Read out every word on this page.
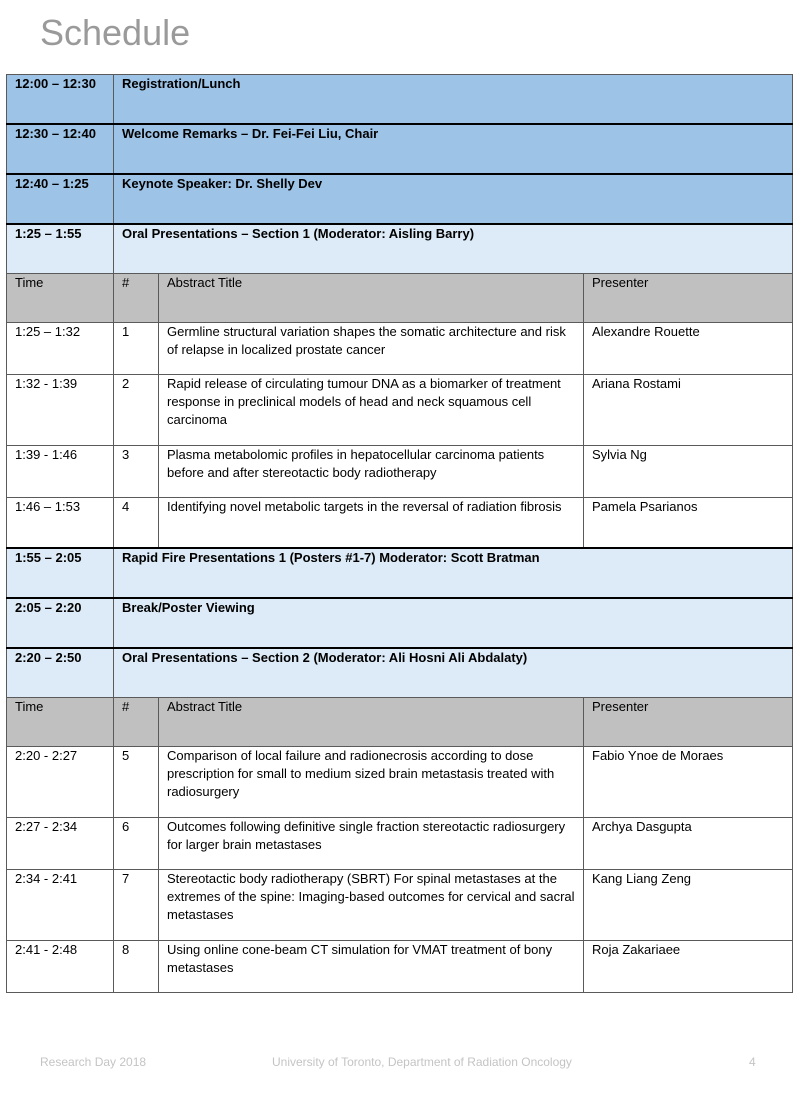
Schedule
12:00 – 12:30	Registration/Lunch		
12:30 – 12:40	Welcome Remarks – Dr. Fei-Fei Liu, Chair		
12:40 – 1:25	Keynote Speaker: Dr. Shelly Dev		
1:25 – 1:55	Oral Presentations – Section 1 (Moderator: Aisling Barry)		
Time	#	Abstract Title	Presenter
1:25 – 1:32	1	Germline structural variation shapes the somatic architecture and risk of relapse in localized prostate cancer	Alexandre Rouette
1:32 - 1:39	2	Rapid release of circulating tumour DNA as a biomarker of treatment response in preclinical models of head and neck squamous cell carcinoma	Ariana Rostami
1:39 - 1:46	3	Plasma metabolomic profiles in hepatocellular carcinoma patients before and after stereotactic body radiotherapy	Sylvia Ng
1:46 – 1:53	4	Identifying novel metabolic targets in the reversal of radiation fibrosis	Pamela Psarianos
1:55 – 2:05	Rapid Fire Presentations 1 (Posters #1-7) Moderator: Scott Bratman		
2:05 – 2:20	Break/Poster Viewing		
2:20 – 2:50	Oral Presentations – Section 2 (Moderator: Ali Hosni Ali Abdalaty)		
Time	#	Abstract Title	Presenter
2:20 - 2:27	5	Comparison of local failure and radionecrosis according to dose prescription for small to medium sized brain metastasis treated with radiosurgery	Fabio Ynoe de Moraes
2:27 - 2:34	6	Outcomes following definitive single fraction stereotactic radiosurgery for larger brain metastases	Archya Dasgupta
2:34 - 2:41	7	Stereotactic body radiotherapy (SBRT) For spinal metastases at the extremes of the spine: Imaging-based outcomes for cervical and sacral metastases	Kang Liang Zeng
2:41 - 2:48	8	Using online cone-beam CT simulation for VMAT treatment of bony metastases	Roja Zakariaee
Research Day 2018	University of Toronto, Department of Radiation Oncology	4
